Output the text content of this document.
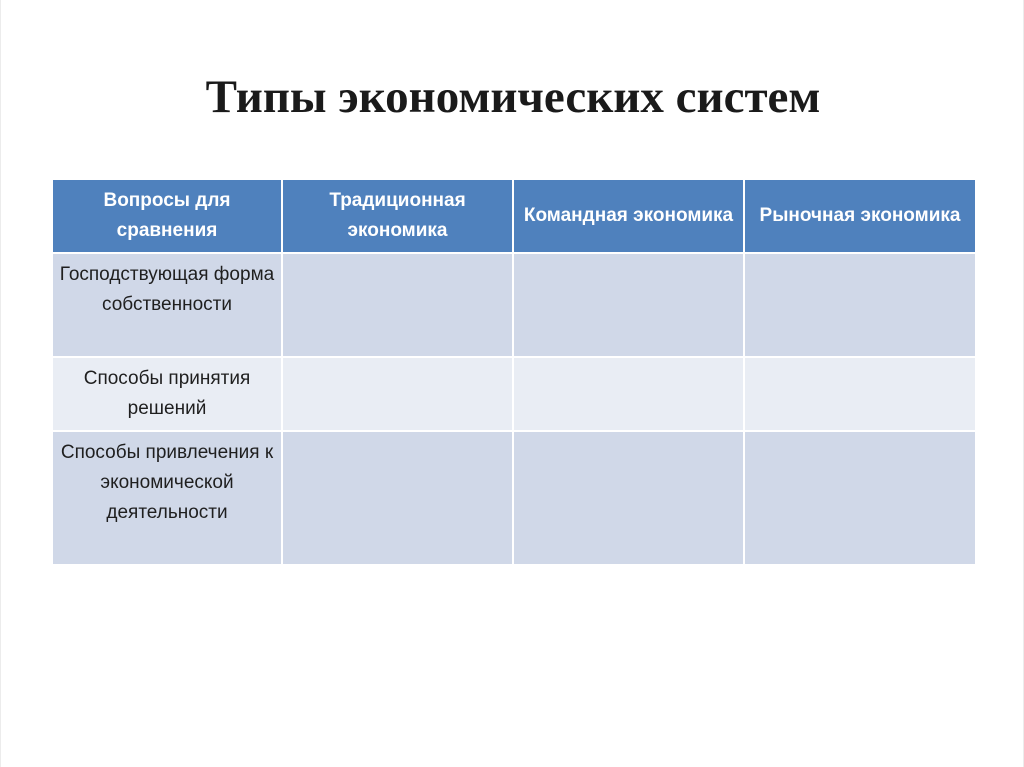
Типы экономических систем
Вопросы для сравнения	Традиционная экономика	Командная экономика	Рыночная экономика
Господствующая форма собственности			
Способы принятия решений			
Способы привлечения к экономической деятельности			
